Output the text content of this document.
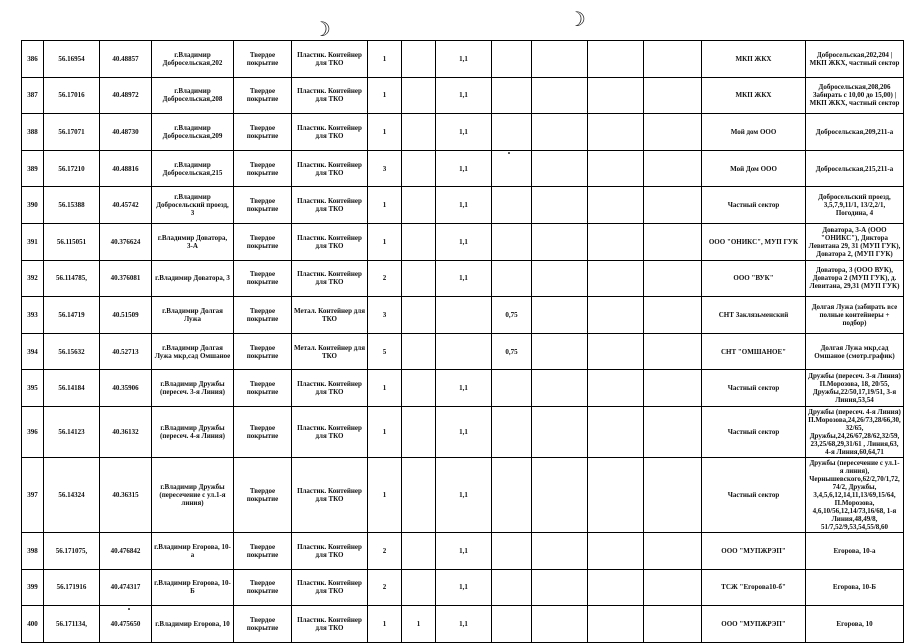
☽	☽
386	56.16954	40.48857	г.Владимир Добросельская,202	Твердое покрытие	Пластик. Контейнер для ТКО	1		1,1					МКП ЖКХ	Добросельская,202,204 | МКП ЖКХ, частный сектор
387	56.17016	40.48972	г.Владимир Добросельская,208	Твердое покрытие	Пластик. Контейнер для ТКО	1		1,1					МКП ЖКХ	Добросельская,208,206 Забирать с 10,00 до 15,00) | МКП ЖКХ, частный сектор
388	56.17071	40.48730	г.Владимир Добросельская,209	Твердое покрытие	Пластик. Контейнер для ТКО	1		1,1					Мой дом ООО	Добросельская,209,211-а
389	56.17210	40.48816	г.Владимир Добросельская,215	Твердое покрытие	Пластик. Контейнер для ТКО	3		1,1					Мой Дом ООО	Добросельская,215,211-а
390	56.15388	40.45742	г.Владимир Добросельский проезд, 3	Твердое покрытие	Пластик. Контейнер для ТКО	1		1,1					Частный сектор	Добросельский проезд, 3,5,7,9,11/1, 13/2,2/1, Погодина, 4
391	56.115051	40.376624	г.Владимир Доватора, 3-А	Твердое покрытие	Пластик. Контейнер для ТКО	1		1,1					ООО "ОНИКС", МУП ГУК	Доватора, 3-А (ООО "ОНИКС"), Диктора Левитана 29, 31 (МУП ГУК), Доватора 2, (МУП ГУК)
392	56.114785,	40.376081	г.Владимир Доватора, 3	Твердое покрытие	Пластик. Контейнер для ТКО	2		1,1					ООО "ВУК"	Доватора, 3 (ООО ВУК), Доватора 2 (МУП ГУК), д. Левитана, 29,31 (МУП ГУК)
393	56.14719	40.51509	г.Владимир Долгая Лужа	Твердое покрытие	Метал. Контейнер для ТКО	3			0,75				СНТ Заклязьменский	Долгая Лужа (забирать все полные контейнеры + подбор)
394	56.15632	40.52713	г.Владимир Долгая Лужа мкр,сад Омшаное	Твердое покрытие	Метал. Контейнер для ТКО	5			0,75				СНТ "ОМШАНОЕ"	Долгая Лужа мкр,сад Омшаное (смотр.график)
395	56.14184	40.35906	г.Владимир Дружбы (пересеч. 3-я Линия)	Твердое покрытие	Пластик. Контейнер для ТКО	1		1,1					Частный сектор	Дружбы (пересеч. 3-я Линия) П.Морозова, 18, 20/55, Дружбы,22/50,17,19/51, 3-я Линия,53,54
396	56.14123	40.36132	г.Владимир Дружбы (пересеч. 4-я Линия)	Твердое покрытие	Пластик. Контейнер для ТКО	1		1,1					Частный сектор	Дружбы (пересеч. 4-я Линия) П.Морозова,24,26/73,28/66,30,32/65, Дружбы,24,26/67,28/62,32/59,23,25/68,29,31/61 , Линия,63, 4-я Линия,60,64,71
397	56.14324	40.36315	г.Владимир Дружбы (пересечение с ул.1-я линия)	Твердое покрытие	Пластик. Контейнер для ТКО	1		1,1					Частный сектор	Дружбы (пересечение с ул.1-я линия), Чернышевского,62/2,70/1,72,74/2, Дружбы, 3,4,5,6,12,14,11,13/69,15/64, П.Морозова, 4,6,10/56,12,14/73,16/68, 1-я Линия,48,49/8, 51/7,52/9,53,54,55/8,60
398	56.171075,	40.476842	г.Владимир Егорова, 10-а	Твердое покрытие	Пластик. Контейнер для ТКО	2		1,1					ООО "МУПЖРЭП"	Егорова, 10-а
399	56.171916	40.474317	г.Владимир Егорова, 10-Б	Твердое покрытие	Пластик. Контейнер для ТКО	2		1,1					ТСЖ "Егорова10-б"	Егорова, 10-Б
400	56.171134,	40.475650	г.Владимир Егорова, 10	Твердое покрытие	Пластик. Контейнер для ТКО	1	1	1,1					ООО "МУПЖРЭП"	Егорова, 10
